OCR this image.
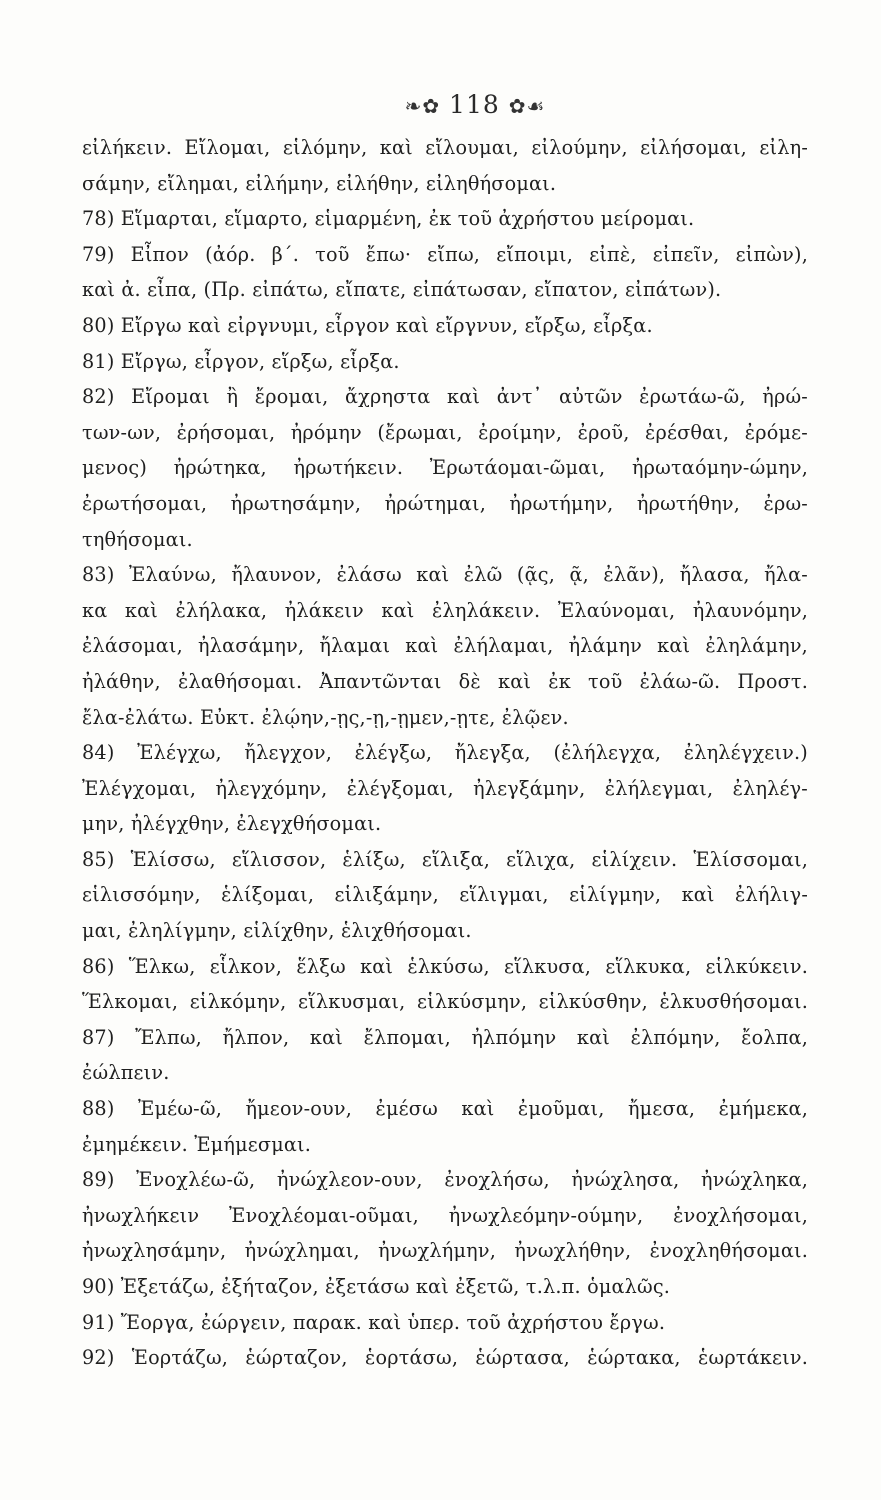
❧✿ 118 ✿☙
εἰλήκειν. Εἴλομαι, εἱλόμην, καὶ εἴλουμαι, εἰλούμην, εἰλήσομαι, εἰλη-
σάμην, εἴλημαι, εἰλήμην, εἰλήθην, εἰληθήσομαι.
78) Εἵμαρται, εἵμαρτο, εἱμαρμένη, ἐκ τοῦ ἀχρήστου μείρομαι.
79) Εἶπον (ἀόρ. β΄. τοῦ ἔπω· εἴπω, εἴποιμι, εἰπὲ, εἰπεῖν, εἰπὼν),
καὶ ἀ. εἶπα, (Πρ. εἰπάτω, εἴπατε, εἰπάτωσαν, εἴπατον, εἰπάτων).
80) Εἴργω καὶ εἰργνυμι, εἶργον καὶ εἴργνυν, εἴρξω, εἶρξα.
81) Εἴργω, εἶργον, εἵρξω, εἷρξα.
82) Εἴρομαι ἢ ἔρομαι, ἄχρηστα καὶ ἀντ᾽ αὐτῶν ἐρωτάω-ῶ, ἠρώ-
των-ων, ἐρήσομαι, ἠρόμην (ἔρωμαι, ἐροίμην, ἐροῦ, ἐρέσθαι, ἐρόμε-
μενος) ἠρώτηκα, ἠρωτήκειν. Ἐρωτάομαι-ῶμαι, ἠρωταόμην-ώμην,
ἐρωτήσομαι, ἠρωτησάμην, ἠρώτημαι, ἠρωτήμην, ἠρωτήθην, ἐρω-
τηθήσομαι.
83) Ἐλαύνω, ἤλαυνον, ἐλάσω καὶ ἐλῶ (ᾷς, ᾷ, ἐλᾶν), ἤλασα, ἤλα-
κα καὶ ἐλήλακα, ἠλάκειν καὶ ἐληλάκειν. Ἐλαύνομαι, ἠλαυνόμην,
ἐλάσομαι, ἠλασάμην, ἤλαμαι καὶ ἐλήλαμαι, ἠλάμην καὶ ἐληλάμην,
ἠλάθην, ἐλαθήσομαι. Ἀπαντῶνται δὲ καὶ ἐκ τοῦ ἐλάω-ῶ. Προστ.
ἔλα-ἐλάτω. Εὐκτ. ἐλῴην,-ῃς,-ῃ,-ῃμεν,-ῃτε, ἐλῷεν.
84) Ἐλέγχω, ἤλεγχον, ἐλέγξω, ἤλεγξα, (ἐλήλεγχα, ἐληλέγχειν.)
Ἐλέγχομαι, ἠλεγχόμην, ἐλέγξομαι, ἠλεγξάμην, ἐλήλεγμαι, ἐληλέγ-
μην, ἠλέγχθην, ἐλεγχθήσομαι.
85) Ἑλίσσω, εἵλισσον, ἑλίξω, εἵλιξα, εἵλιχα, εἱλίχειν. Ἑλίσσομαι,
εἱλισσόμην, ἑλίξομαι, εἱλιξάμην, εἵλιγμαι, εἱλίγμην, καὶ ἐλήλιγ-
μαι, ἐληλίγμην, εἱλίχθην, ἑλιχθήσομαι.
86) Ἕλκω, εἷλκον, ἕλξω καὶ ἑλκύσω, εἵλκυσα, εἵλκυκα, εἱλκύκειν.
Ἕλκομαι, εἱλκόμην, εἵλκυσμαι, εἱλκύσμην, εἱλκύσθην, ἑλκυσθήσομαι.
87) Ἔλπω, ἤλπον, καὶ ἔλπομαι, ἠλπόμην καὶ ἐλπόμην, ἔολπα,
ἐώλπειν.
88) Ἐμέω-ῶ, ἤμεον-ουν, ἐμέσω καὶ ἐμοῦμαι, ἤμεσα, ἐμήμεκα,
ἐμημέκειν. Ἐμήμεσμαι.
89) Ἐνοχλέω-ῶ, ἠνώχλεον-ουν, ἐνοχλήσω, ἠνώχλησα, ἠνώχληκα,
ἠνωχλήκειν Ἐνοχλέομαι-οῦμαι, ἠνωχλεόμην-ούμην, ἐνοχλήσομαι,
ἠνωχλησάμην, ἠνώχλημαι, ἠνωχλήμην, ἠνωχλήθην, ἐνοχληθήσομαι.
90) Ἐξετάζω, ἐξήταζον, ἐξετάσω καὶ ἐξετῶ, τ.λ.π. ὁμαλῶς.
91) Ἔοργα, ἐώργειν, παρακ. καὶ ὑπερ. τοῦ ἀχρήστου ἔργω.
92) Ἑορτάζω, ἑώρταζον, ἑορτάσω, ἑώρτασα, ἑώρτακα, ἑωρτάκειν.
